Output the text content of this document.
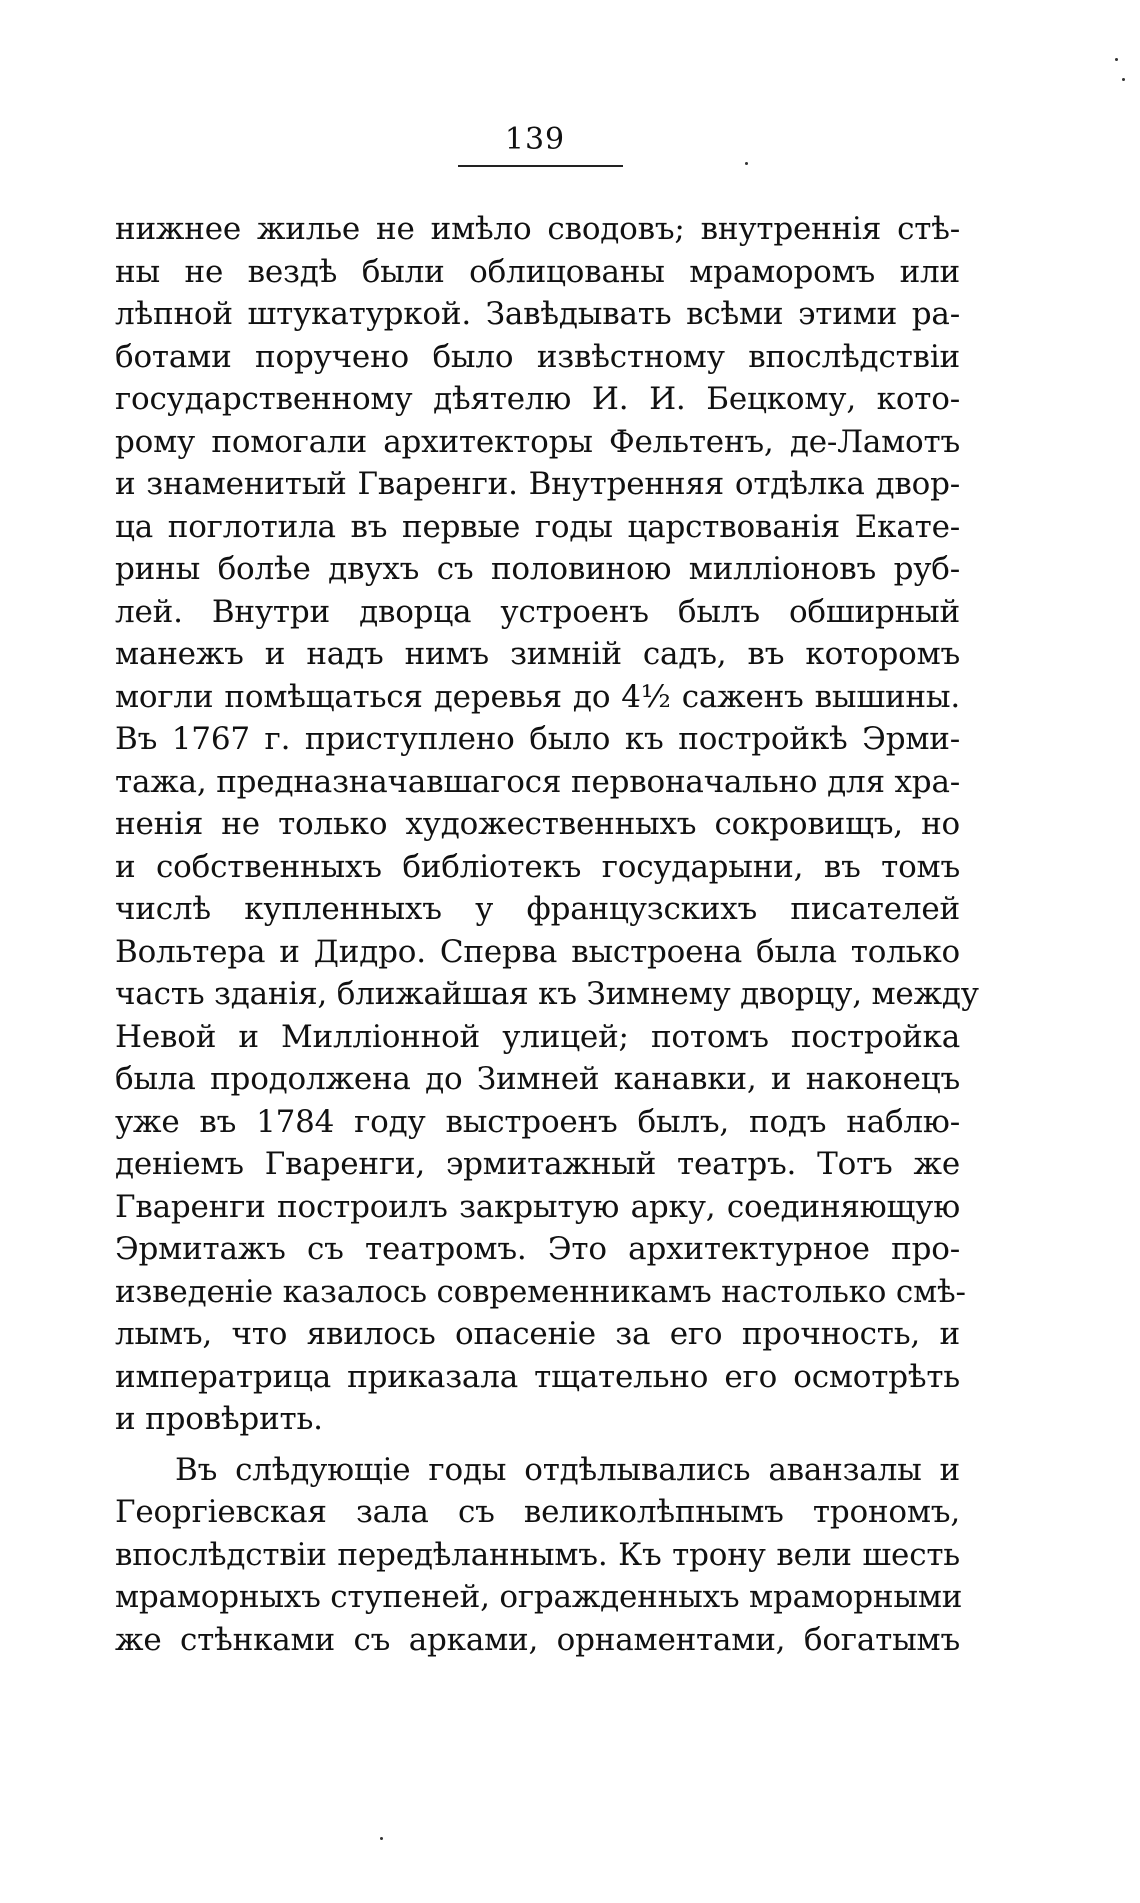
139
нижнее жилье не имѣло сводовъ; внутреннія стѣ-
ны не вездѣ были облицованы мраморомъ или
лѣпной штукатуркой. Завѣдывать всѣми этими ра-
ботами поручено было извѣстному впослѣдствіи
государственному дѣятелю И. И. Бецкому, кото-
рому помогали архитекторы Фельтенъ, де-Ламотъ
и знаменитый Гваренги. Внутренняя отдѣлка двор-
ца поглотила въ первые годы царствованія Екате-
рины болѣе двухъ съ половиною милліоновъ руб-
лей. Внутри дворца устроенъ былъ обширный
манежъ и надъ нимъ зимній садъ, въ которомъ
могли помѣщаться деревья до 4½ саженъ вышины.
Въ 1767 г. приступлено было къ постройкѣ Эрми-
тажа, предназначавшагося первоначально для хра-
ненія не только художественныхъ сокровищъ, но
и собственныхъ библіотекъ государыни, въ томъ
числѣ купленныхъ у французскихъ писателей
Вольтера и Дидро. Сперва выстроена была только
часть зданія, ближайшая къ Зимнему дворцу, между
Невой и Милліонной улицей; потомъ постройка
была продолжена до Зимней канавки, и наконецъ
уже въ 1784 году выстроенъ былъ, подъ наблю-
деніемъ Гваренги, эрмитажный театръ. Тотъ же
Гваренги построилъ закрытую арку, соединяющую
Эрмитажъ съ театромъ. Это архитектурное про-
изведеніе казалось современникамъ настолько смѣ-
лымъ, что явилось опасеніе за его прочность, и
императрица приказала тщательно его осмотрѣть
и провѣрить.
Въ слѣдующіе годы отдѣлывались аванзалы и
Георгіевская зала съ великолѣпнымъ трономъ,
впослѣдствіи передѣланнымъ. Къ трону вели шесть
мраморныхъ ступеней, огражденныхъ мраморными
же стѣнками съ арками, орнаментами, богатымъ
